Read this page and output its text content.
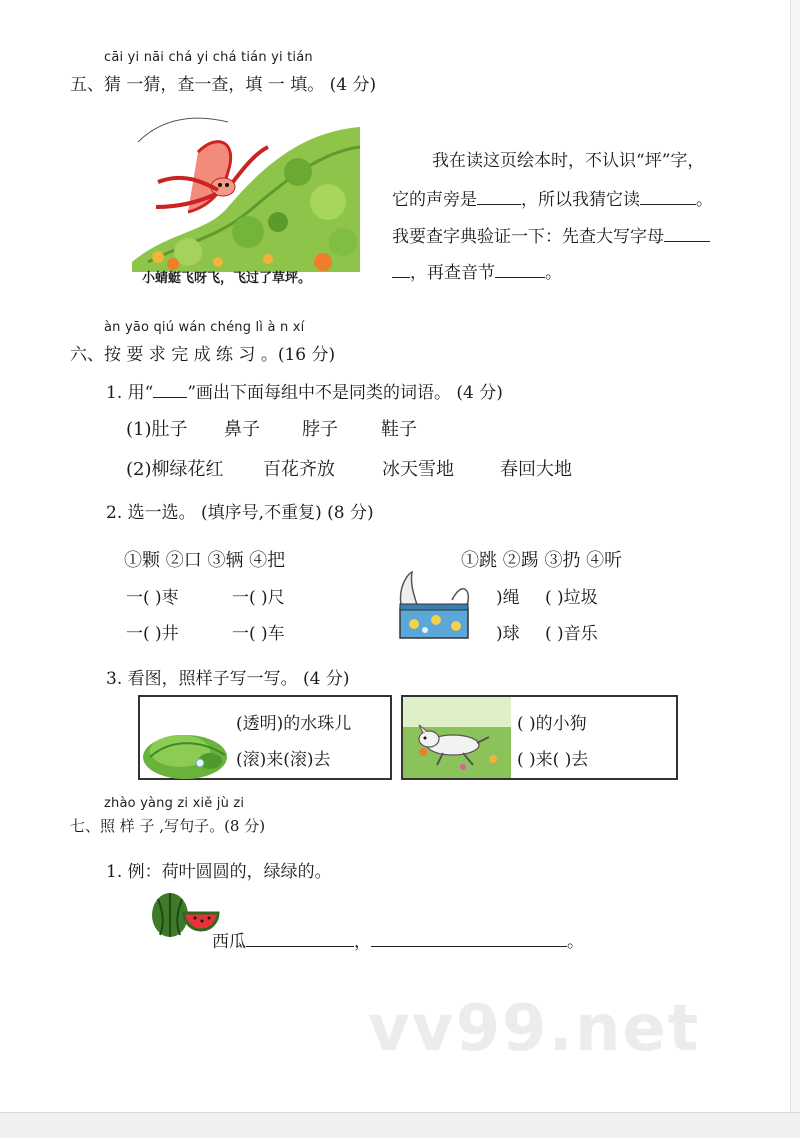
cāi yi nāi chá yi chá tián yi tián
五、猜 一猜，查一查，填 一 填。 (4 分)
小蜻蜓飞呀飞，飞过了草坪。
我在读这页绘本时，不认识“坪”字，
它的声旁是	，所以我猜它读	。
我要查字典验证一下：先查大写字母
，再查音节	。
àn yāo qiú wán chéng lì à n xí
六、按 要 求 完 成 练 习 。(16 分)
1. 用“ ”画出下面每组中不是同类的词语。 (4 分)
(1)肚子 鼻子 脖子 鞋子
(2)柳绿花红 百花齐放	冰天雪地	春回大地
2. 选一选。 (填序号,不重复) (8 分)
①颗 ②口 ③辆 ④把
一( )枣	一( )尺
一( )井	一( )车
①跳 ②踢 ③扔 ④听
)绳 ( )垃圾
)球 ( )音乐
3. 看图，照样子写一写。 (4 分)
(透明)的水珠儿
(滚)来(滚)去
( )的小狗
( )来( )去
zhào yàng zi xiě jù zi
七、照 样 子 ,写句子。(8 分)
1. 例：荷叶圆圆的，绿绿的。
西瓜	，	。
vv99.net
